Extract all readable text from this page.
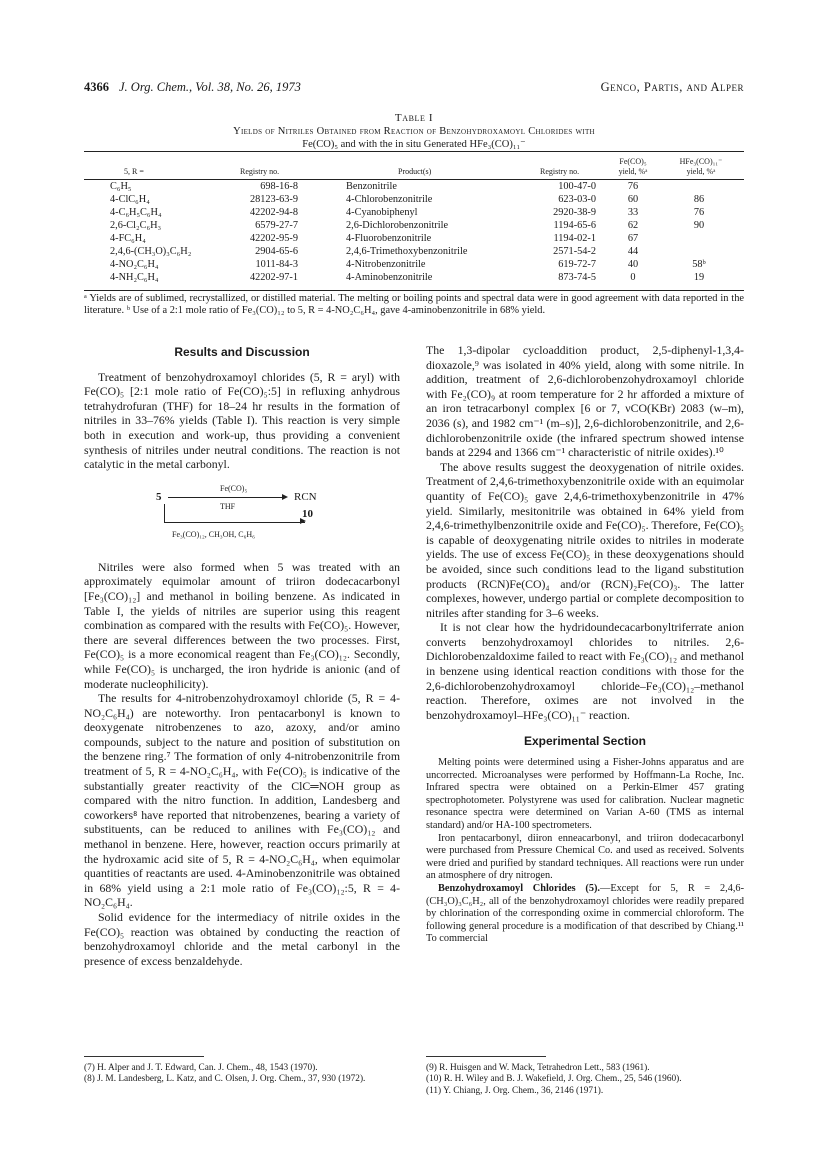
4366 J. Org. Chem., Vol. 38, No. 26, 1973	Genco, Partis, and Alper
Table I
Yields of Nitriles Obtained from Reaction of Benzohydroxamoyl Chlorides with
Fe(CO)₅ and with the in situ Generated HFe₃(CO)₁₁⁻
5, R =	Registry no.	Product(s)	Registry no.
Fe(CO)₅
yield, %ᵃ
HFe₃(CO)₁₁⁻
yield, %ᵃ
C₆H₅	698-16-8	Benzonitrile	100-47-0	76
4-ClC₆H₄	28123-63-9	4-Chlorobenzonitrile	623-03-0	60	86
4-C₆H₅C₆H₄	42202-94-8	4-Cyanobiphenyl	2920-38-9	33	76
2,6-Cl₂C₆H₃	6579-27-7	2,6-Dichlorobenzonitrile	1194-65-6	62	90
4-FC₆H₄	42202-95-9	4-Fluorobenzonitrile	1194-02-1	67
2,4,6-(CH₃O)₃C₆H₂	2904-65-6	2,4,6-Trimethoxybenzonitrile	2571-54-2	44
4-NO₂C₆H₄	1011-84-3	4-Nitrobenzonitrile	619-72-7	40	58ᵇ
4-NH₂C₆H₄	42202-97-1	4-Aminobenzonitrile	873-74-5	0	19
ᵃ Yields are of sublimed, recrystallized, or distilled material. The melting or boiling points and spectral data were in good agreement with data reported in the literature. ᵇ Use of a 2:1 mole ratio of Fe₃(CO)₁₂ to 5, R = 4-NO₂C₆H₄, gave 4-aminobenzonitrile in 68% yield.
Results and Discussion

Treatment of benzohydroxamoyl chlorides (5, R = aryl) with Fe(CO)₅ [2:1 mole ratio of Fe(CO)₅:5] in refluxing anhydrous tetrahydrofuran (THF) for 18–24 hr results in the formation of nitriles in 33–76% yields (Table I). This reaction is very simple both in execution and work-up, thus providing a convenient synthesis of nitriles under neutral conditions. The reaction is not catalytic in the metal carbonyl.

5
Fe(CO)₅
THF
RCN
10
Fe₃(CO)₁₂, CH₃OH, C₆H₆

Nitriles were also formed when 5 was treated with an approximately equimolar amount of triiron dodecacarbonyl [Fe₃(CO)₁₂] and methanol in boiling benzene. As indicated in Table I, the yields of nitriles are superior using this reagent combination as compared with the results with Fe(CO)₅. However, there are several differences between the two processes. First, Fe(CO)₅ is a more economical reagent than Fe₃(CO)₁₂. Secondly, while Fe(CO)₅ is uncharged, the iron hydride is anionic (and of moderate nucleophilicity).

The results for 4-nitrobenzohydroxamoyl chloride (5, R = 4-NO₂C₆H₄) are noteworthy. Iron pentacarbonyl is known to deoxygenate nitrobenzenes to azo, azoxy, and/or amino compounds, subject to the nature and position of substitution on the benzene ring.⁷ The formation of only 4-nitrobenzonitrile from treatment of 5, R = 4-NO₂C₆H₄, with Fe(CO)₅ is indicative of the substantially greater reactivity of the ClC═NOH group as compared with the nitro function. In addition, Landesberg and coworkers⁸ have reported that nitrobenzenes, bearing a variety of substituents, can be reduced to anilines with Fe₃(CO)₁₂ and methanol in benzene. Here, however, reaction occurs primarily at the hydroxamic acid site of 5, R = 4-NO₂C₆H₄, when equimolar quantities of reactants are used. 4-Aminobenzonitrile was obtained in 68% yield using a 2:1 mole ratio of Fe₃(CO)₁₂:5, R = 4-NO₂C₆H₄.

Solid evidence for the intermediacy of nitrile oxides in the Fe(CO)₅ reaction was obtained by conducting the reaction of benzohydroxamoyl chloride and the metal carbonyl in the presence of excess benzaldehyde.

The 1,3-dipolar cycloaddition product, 2,5-diphenyl-1,3,4-dioxazole,⁹ was isolated in 40% yield, along with some nitrile. In addition, treatment of 2,6-dichlorobenzohydroxamoyl chloride with Fe₂(CO)₉ at room temperature for 2 hr afforded a mixture of an iron tetracarbonyl complex [6 or 7, νCO(KBr) 2083 (w–m), 2036 (s), and 1982 cm⁻¹ (m–s)], 2,6-dichlorobenzonitrile, and 2,6-dichlorobenzonitrile oxide (the infrared spectrum showed intense bands at 2294 and 1366 cm⁻¹ characteristic of nitrile oxides).¹⁰

The above results suggest the deoxygenation of nitrile oxides. Treatment of 2,4,6-trimethoxybenzonitrile oxide with an equimolar quantity of Fe(CO)₅ gave 2,4,6-trimethoxybenzonitrile in 47% yield. Similarly, mesitonitrile was obtained in 64% yield from 2,4,6-trimethylbenzonitrile oxide and Fe(CO)₅. Therefore, Fe(CO)₅ is capable of deoxygenating nitrile oxides to nitriles in moderate yields. The use of excess Fe(CO)₅ in these deoxygenations should be avoided, since such conditions lead to the ligand substitution products (RCN)Fe(CO)₄ and/or (RCN)₂Fe(CO)₃. The latter complexes, however, undergo partial or complete decomposition to nitriles after standing for 3–6 weeks.

It is not clear how the hydridoundecacarbonyltriferrate anion converts benzohydroxamoyl chlorides to nitriles. 2,6-Dichlorobenzaldoxime failed to react with Fe₃(CO)₁₂ and methanol in benzene using identical reaction conditions with those for the 2,6-dichlorobenzohydroxamoyl chloride–Fe₃(CO)₁₂–methanol reaction. Therefore, oximes are not involved in the benzohydroxamoyl–HFe₃(CO)₁₁⁻ reaction.

Experimental Section

Melting points were determined using a Fisher-Johns apparatus and are uncorrected. Microanalyses were performed by Hoffmann-La Roche, Inc. Infrared spectra were obtained on a Perkin-Elmer 457 grating spectrophotometer. Polystyrene was used for calibration. Nuclear magnetic resonance spectra were determined on Varian A-60 (TMS as internal standard) and/or HA-100 spectrometers.

Iron pentacarbonyl, diiron enneacarbonyl, and triiron dodecacarbonyl were purchased from Pressure Chemical Co. and used as received. Solvents were dried and purified by standard techniques. All reactions were run under an atmosphere of dry nitrogen.

Benzohydroxamoyl Chlorides (5).—Except for 5, R = 2,4,6-(CH₃O)₃C₆H₂, all of the benzohydroxamoyl chlorides were readily prepared by chlorination of the corresponding oxime in commercial chloroform. The following general procedure is a modification of that described by Chiang.¹¹ To commercial

(7) H. Alper and J. T. Edward, Can. J. Chem., 48, 1543 (1970).
(8) J. M. Landesberg, L. Katz, and C. Olsen, J. Org. Chem., 37, 930 (1972).
(9) R. Huisgen and W. Mack, Tetrahedron Lett., 583 (1961).
(10) R. H. Wiley and B. J. Wakefield, J. Org. Chem., 25, 546 (1960).
(11) Y. Chiang, J. Org. Chem., 36, 2146 (1971).
